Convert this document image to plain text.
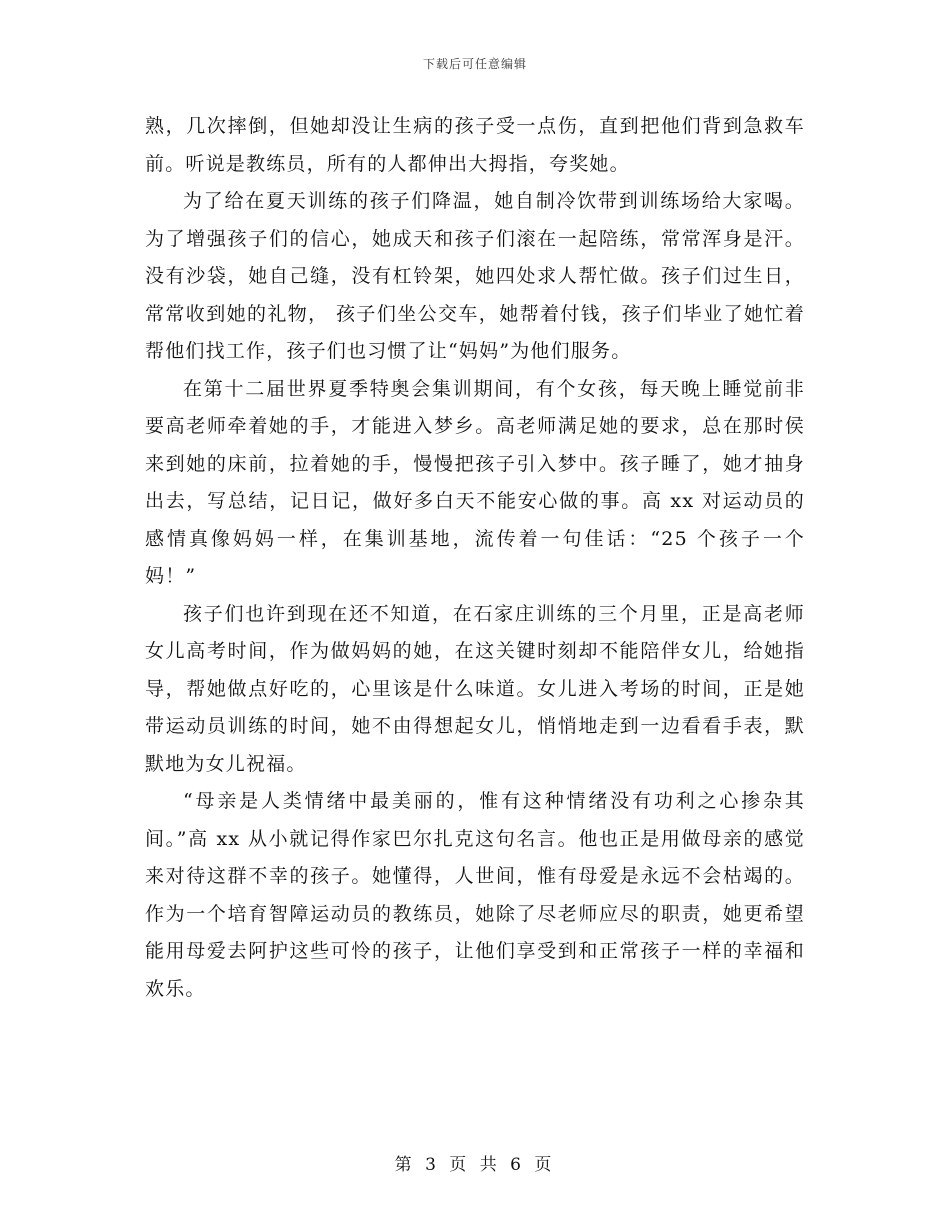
下载后可任意编辑

熟，几次摔倒，但她却没让生病的孩子受一点伤，直到把他们背到急救车前。听说是教练员，所有的人都伸出大拇指，夸奖她。

为了给在夏天训练的孩子们降温，她自制冷饮带到训练场给大家喝。为了增强孩子们的信心，她成天和孩子们滚在一起陪练，常常浑身是汗。没有沙袋，她自己缝，没有杠铃架，她四处求人帮忙做。孩子们过生日，常常收到她的礼物， 孩子们坐公交车，她帮着付钱，孩子们毕业了她忙着帮他们找工作，孩子们也习惯了让“妈妈”为他们服务。

在第十二届世界夏季特奥会集训期间，有个女孩，每天晚上睡觉前非要高老师牵着她的手，才能进入梦乡。高老师满足她的要求，总在那时侯来到她的床前，拉着她的手，慢慢把孩子引入梦中。孩子睡了，她才抽身出去，写总结，记日记，做好多白天不能安心做的事。高 xx 对运动员的感情真像妈妈一样，在集训基地，流传着一句佳话：“25 个孩子一个妈！”

孩子们也许到现在还不知道，在石家庄训练的三个月里，正是高老师女儿高考时间，作为做妈妈的她，在这关键时刻却不能陪伴女儿，给她指导，帮她做点好吃的，心里该是什么味道。女儿进入考场的时间，正是她带运动员训练的时间，她不由得想起女儿，悄悄地走到一边看看手表，默默地为女儿祝福。

“母亲是人类情绪中最美丽的，惟有这种情绪没有功利之心掺杂其间。”高 xx 从小就记得作家巴尔扎克这句名言。他也正是用做母亲的感觉来对待这群不幸的孩子。她懂得，人世间，惟有母爱是永远不会枯竭的。作为一个培育智障运动员的教练员，她除了尽老师应尽的职责，她更希望能用母爱去阿护这些可怜的孩子，让他们享受到和正常孩子一样的幸福和欢乐。

第 3 页 共 6 页
